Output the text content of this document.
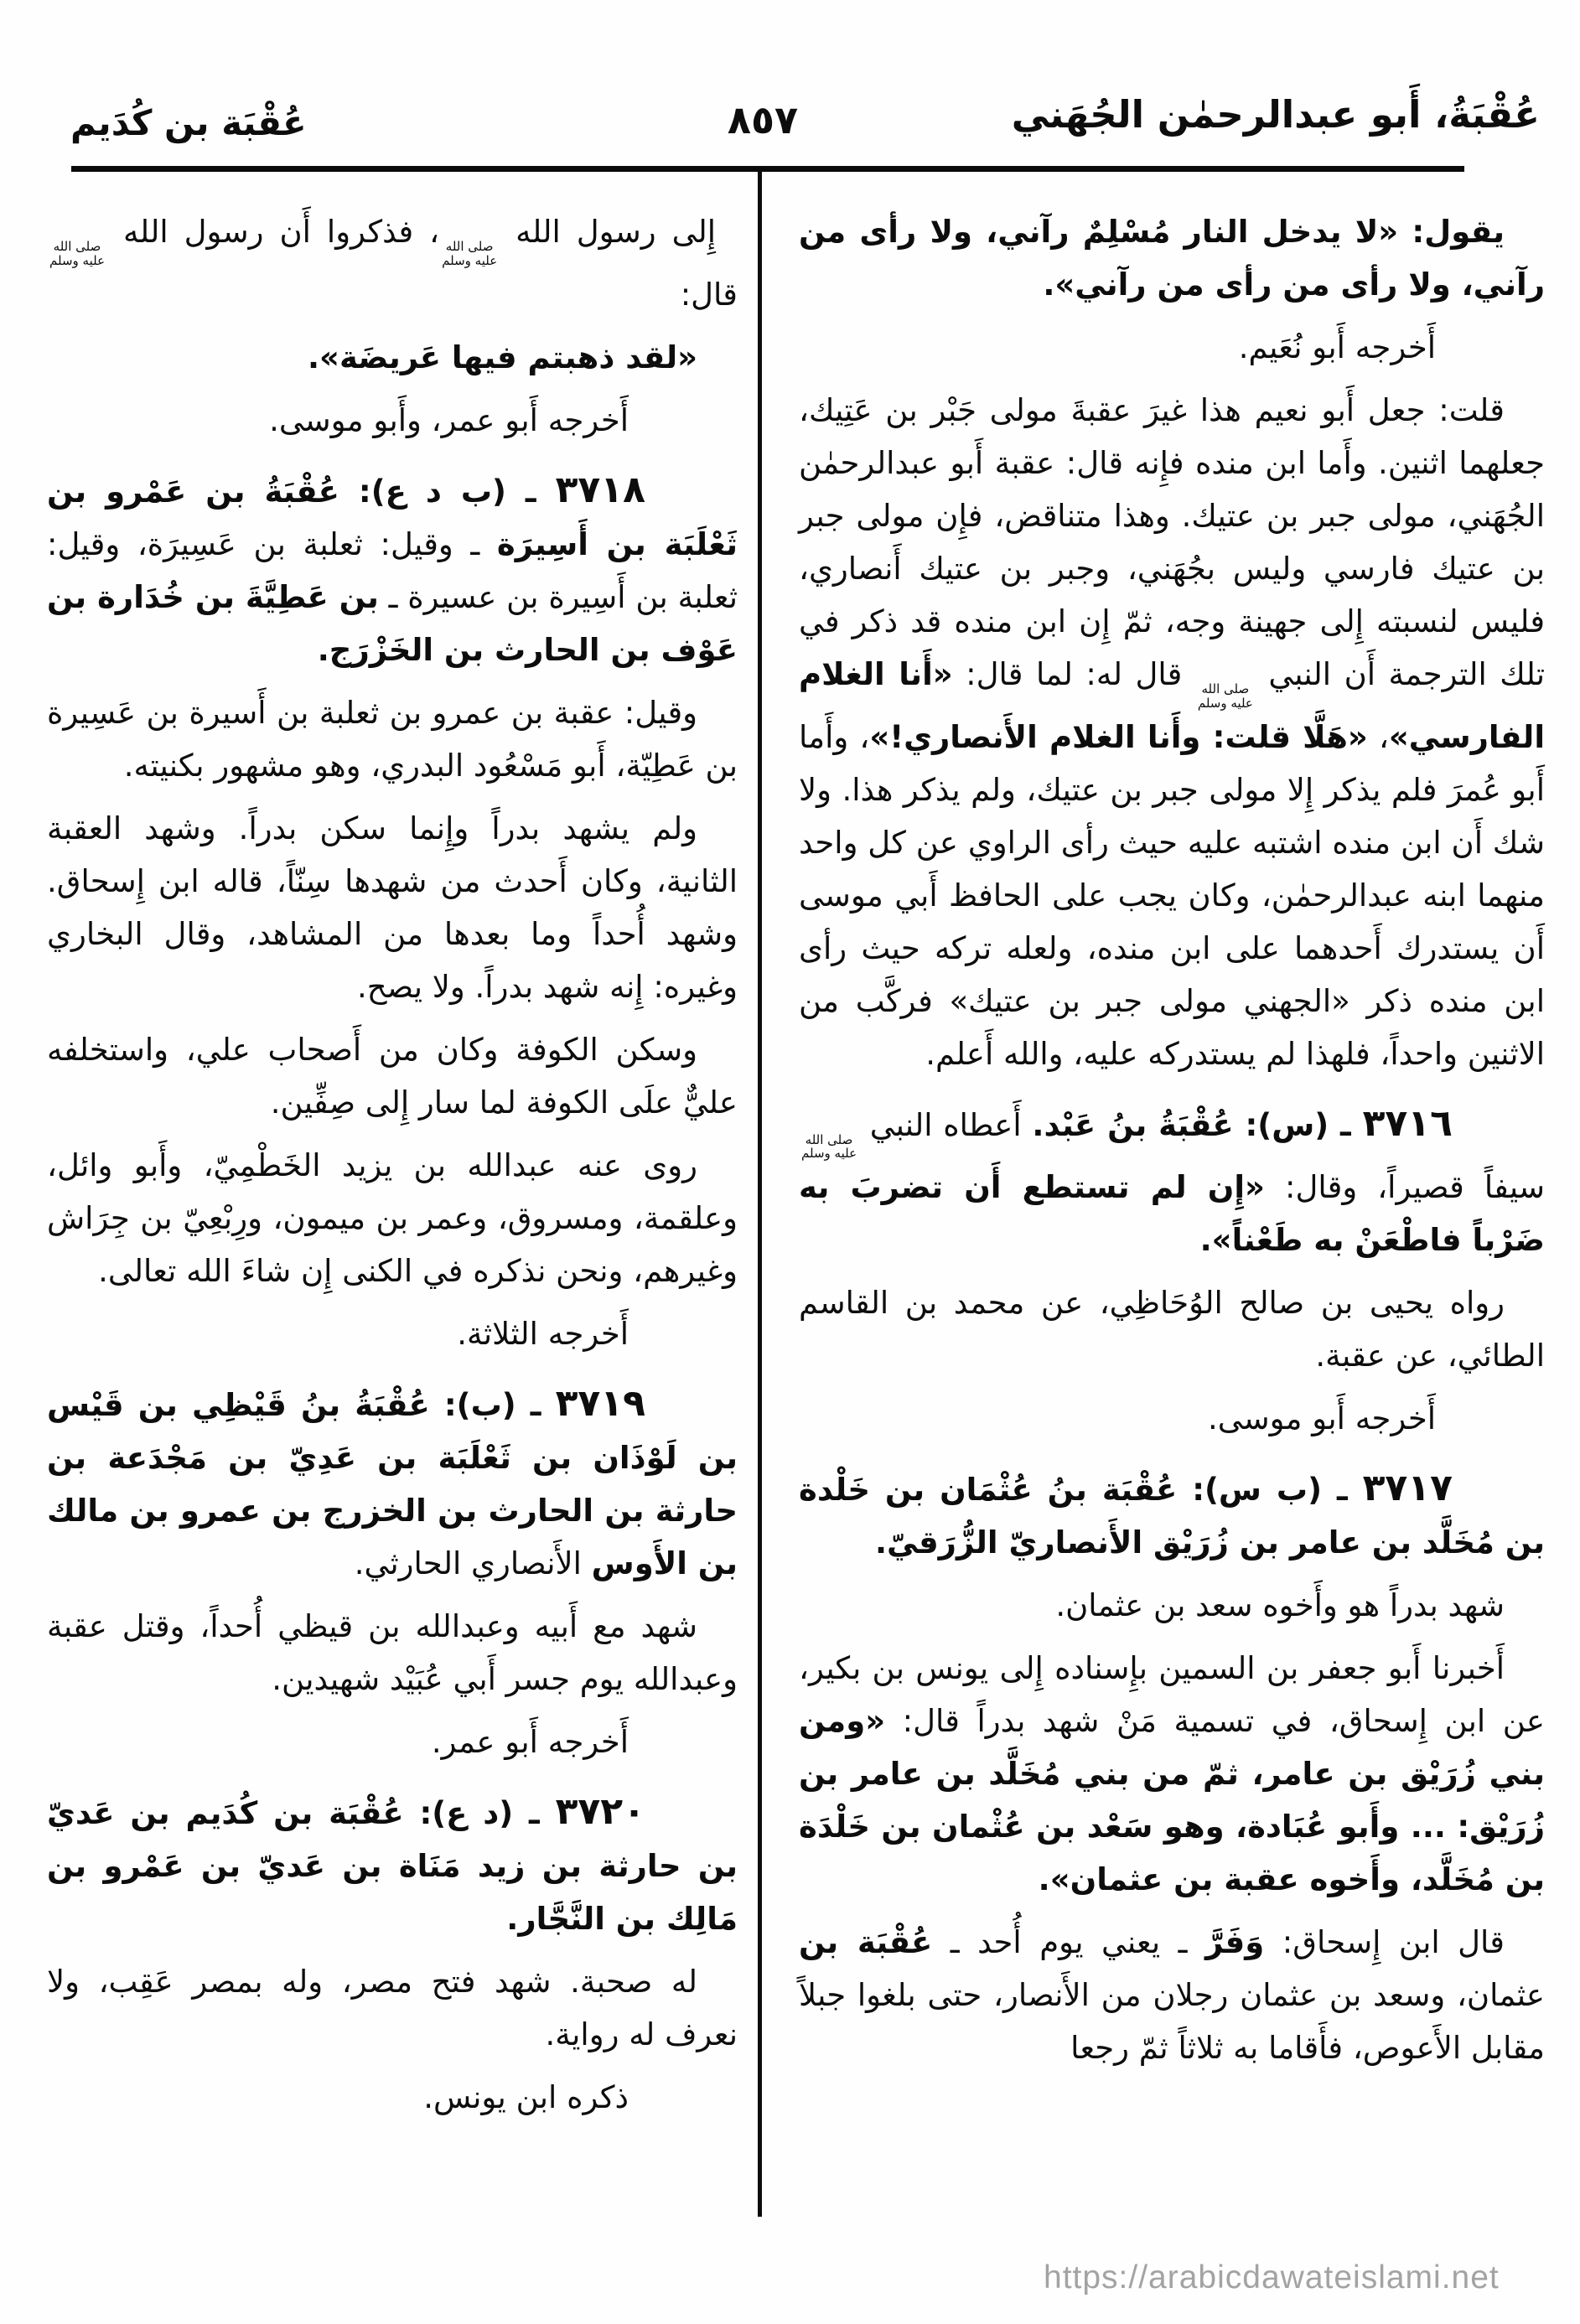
عُقْبَةُ، أَبو عبدالرحمٰن الجُهَني
٨٥٧
عُقْبَة بن كُدَيم

يقول: «لا يدخل النار مُسْلِمٌ رآني، ولا رأى من رآني، ولا رأى من رأى من رآني».

أَخرجه أَبو نُعَيم.

قلت: جعل أَبو نعيم هذا غيرَ عقبةَ مولى جَبْر بن عَتِيك، جعلهما اثنين. وأَما ابن منده فإِنه قال: عقبة أَبو عبدالرحمٰن الجُهَني، مولى جبر بن عتيك. وهذا متناقض، فإِن مولى جبر بن عتيك فارسي وليس بجُهَني، وجبر بن عتيك أَنصاري، فليس لنسبته إِلى جهينة وجه، ثمّ إِن ابن منده قد ذكر في تلك الترجمة أَن النبي
صلى الله
عليه وسلم
قال له: لما قال: «أَنا الغلام الفارسي»، «هَلَّا قلت: وأَنا الغلام الأَنصاري!»، وأَما أَبو عُمرَ فلم يذكر إِلا مولى جبر بن عتيك، ولم يذكر هذا. ولا شك أَن ابن منده اشتبه عليه حيث رأى الراوي عن كل واحد منهما ابنه عبدالرحمٰن، وكان يجب على الحافظ أَبي موسى أَن يستدرك أَحدهما على ابن منده، ولعله تركه حيث رأى ابن منده ذكر «الجهني مولى جبر بن عتيك» فركَّب من الاثنين واحداً، فلهذا لم يستدركه عليه، والله أَعلم.

٣٧١٦ ـ (س): عُقْبَةُ بنُ عَبْد. أَعطاه النبي
صلى الله
عليه وسلم
سيفاً قصيراً، وقال: «إِن لم تستطع أَن تضربَ به ضَرْباً فاطْعَنْ به طَعْناً».

رواه يحيى بن صالح الوُحَاظِي، عن محمد بن القاسم الطائي، عن عقبة.

أَخرجه أَبو موسى.

٣٧١٧ ـ (ب س): عُقْبَة بنُ عُثْمَان بن خَلْدة بن مُخَلَّد بن عامر بن زُرَيْق الأَنصاريّ الزُّرَقيّ.

شهد بدراً هو وأَخوه سعد بن عثمان.

أَخبرنا أَبو جعفر بن السمين بإِسناده إِلى يونس بن بكير، عن ابن إِسحاق، في تسمية مَنْ شهد بدراً قال: «ومن بني زُرَيْق بن عامر، ثمّ من بني مُخَلَّد بن عامر بن زُرَيْق: ... وأَبو عُبَادة، وهو سَعْد بن عُثْمان بن خَلْدَة بن مُخَلَّد، وأَخوه عقبة بن عثمان».

قال ابن إِسحاق: وَفَرَّ ـ يعني يوم أُحد ـ عُقْبَة بن عثمان، وسعد بن عثمان رجلان من الأَنصار، حتى بلغوا جبلاً مقابل الأَعوص، فأَقاما به ثلاثاً ثمّ رجعا

إِلى رسول الله
صلى الله
عليه وسلم
، فذكروا أَن رسول الله
صلى الله
عليه وسلم
قال:

«لقد ذهبتم فيها عَريضَة».

أَخرجه أَبو عمر، وأَبو موسى.

٣٧١٨ ـ (ب د ع): عُقْبَةُ بن عَمْرو بن ثَعْلَبَة بن أَسِيرَة ـ وقيل: ثعلبة بن عَسِيرَة، وقيل: ثعلبة بن أَسِيرة بن عسيرة ـ بن عَطِيَّةَ بن خُدَارة بن عَوْف بن الحارث بن الخَزْرَج.

وقيل: عقبة بن عمرو بن ثعلبة بن أَسيرة بن عَسِيرة بن عَطِيّة، أَبو مَسْعُود البدري، وهو مشهور بكنيته.

ولم يشهد بدراً وإِنما سكن بدراً. وشهد العقبة الثانية، وكان أَحدث من شهدها سِنّاً، قاله ابن إِسحاق. وشهد أُحداً وما بعدها من المشاهد، وقال البخاري وغيره: إِنه شهد بدراً. ولا يصح.

وسكن الكوفة وكان من أَصحاب علي، واستخلفه عليٌّ علَى الكوفة لما سار إِلى صِفِّين.

روى عنه عبدالله بن يزيد الخَطْمِيّ، وأَبو وائل، وعلقمة، ومسروق، وعمر بن ميمون، ورِبْعِيّ بن جِرَاش وغيرهم، ونحن نذكره في الكنى إِن شاءَ الله تعالى.

أَخرجه الثلاثة.

٣٧١٩ ـ (ب): عُقْبَةُ بنُ قَيْظِي بن قَيْس بن لَوْذَان بن ثَعْلَبَة بن عَدِيّ بن مَجْدَعة بن حارثة بن الحارث بن الخزرج بن عمرو بن مالك بن الأَوس الأَنصاري الحارثي.

شهد مع أَبيه وعبدالله بن قيظي أُحداً، وقتل عقبة وعبدالله يوم جسر أَبي عُبَيْد شهيدين.

أَخرجه أَبو عمر.

٣٧٢٠ ـ (د ع): عُقْبَة بن كُدَيم بن عَديّ بن حارثة بن زيد مَنَاة بن عَديّ بن عَمْرو بن مَالِك بن النَّجَّار.

له صحبة. شهد فتح مصر، وله بمصر عَقِب، ولا نعرف له رواية.

ذكره ابن يونس.

https://arabicdawateislami.net
